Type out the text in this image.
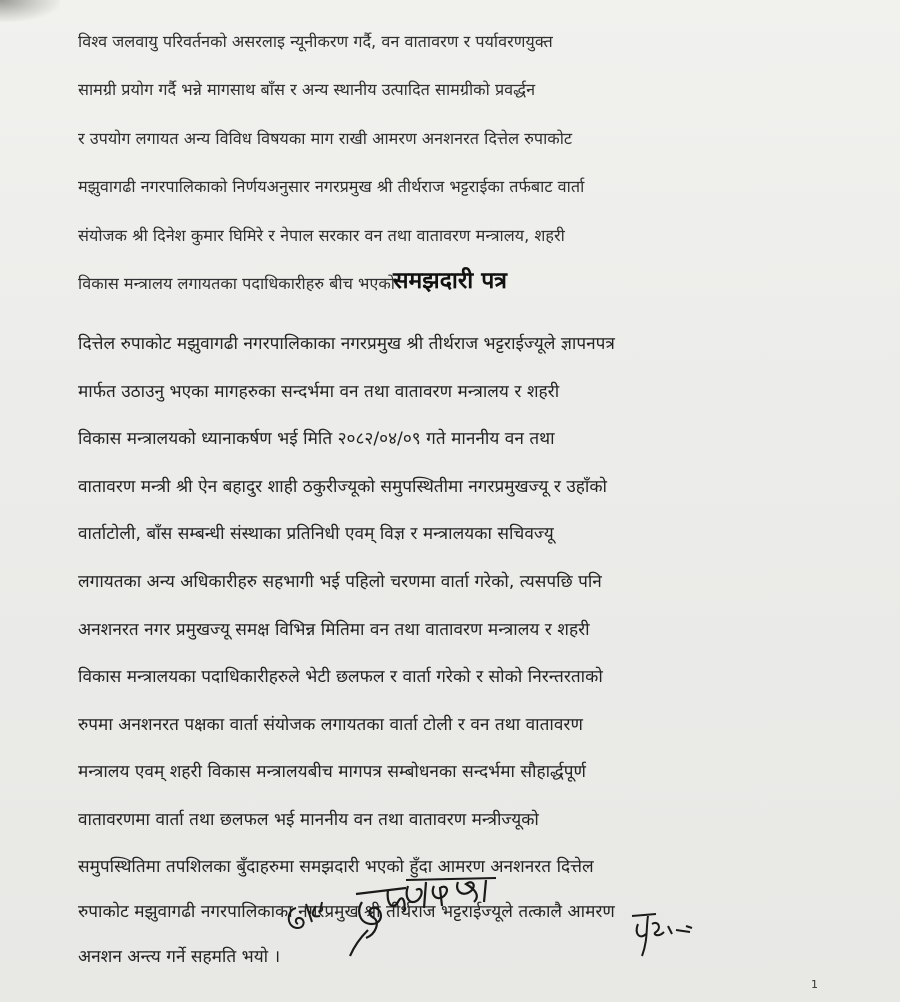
विश्व जलवायु परिवर्तनको असरलाइ न्यूनीकरण गर्दै, वन वातावरण र पर्यावरणयुक्त
सामग्री प्रयोग गर्दै भन्ने मागसाथ बाँस र अन्य स्थानीय उत्पादित सामग्रीको प्रवर्द्धन
र उपयोग लगायत अन्य विविध विषयका माग राखी आमरण अनशनरत दित्तेल रुपाकोट
मझुवागढी नगरपालिकाको निर्णयअनुसार नगरप्रमुख श्री तीर्थराज भट्टराईका तर्फबाट वार्ता
संयोजक श्री दिनेश कुमार घिमिरे र नेपाल सरकार वन तथा वातावरण मन्त्रालय, शहरी
विकास मन्त्रालय लगायतका पदाधिकारीहरु बीच भएको
समझदारी पत्र
दित्तेल रुपाकोट मझुवागढी नगरपालिकाका नगरप्रमुख श्री तीर्थराज भट्टराईज्यूले ज्ञापनपत्र
मार्फत उठाउनु भएका मागहरुका सन्दर्भमा वन तथा वातावरण मन्त्रालय र शहरी
विकास मन्त्रालयको ध्यानाकर्षण भई मिति २०८२/०४/०९ गते माननीय वन तथा
वातावरण मन्त्री श्री ऐन बहादुर शाही ठकुरीज्यूको समुपस्थितीमा नगरप्रमुखज्यू र उहाँको
वार्ताटोली, बाँस सम्बन्धी संस्थाका प्रतिनिधी एवम् विज्ञ र मन्त्रालयका सचिवज्यू
लगायतका अन्य अधिकारीहरु सहभागी भई पहिलो चरणमा वार्ता गरेको, त्यसपछि पनि
अनशनरत नगर प्रमुखज्यू समक्ष विभिन्न मितिमा वन तथा वातावरण मन्त्रालय र शहरी
विकास मन्त्रालयका पदाधिकारीहरुले भेटी छलफल र वार्ता गरेको र सोको निरन्तरताको
रुपमा अनशनरत पक्षका वार्ता संयोजक लगायतका वार्ता टोली र वन तथा वातावरण
मन्त्रालय एवम् शहरी विकास मन्त्रालयबीच मागपत्र सम्बोधनका सन्दर्भमा सौहार्द्धपूर्ण
वातावरणमा वार्ता तथा छलफल भई माननीय वन तथा वातावरण मन्त्रीज्यूको
समुपस्थितिमा तपशिलका बुँदाहरुमा समझदारी भएको हुँदा आमरण अनशनरत दित्तेल
रुपाकोट मझुवागढी नगरपालिकाका नगरप्रमुख श्री तीर्थराज भट्टराईज्यूले तत्कालै आमरण
अनशन अन्त्य गर्ने सहमति भयो ।
1
